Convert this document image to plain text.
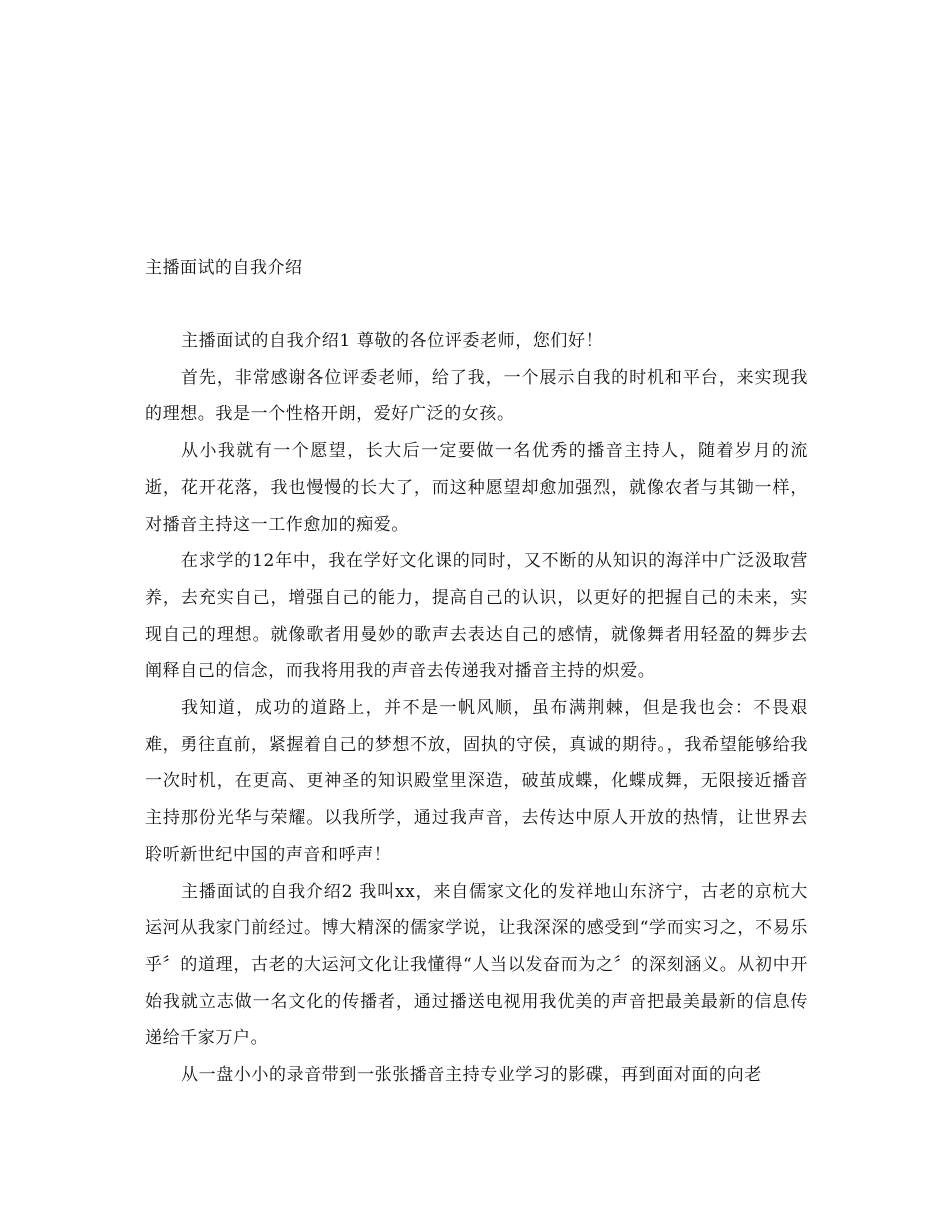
主播面试的自我介绍

主播面试的自我介绍1 尊敬的各位评委老师，您们好！

首先，非常感谢各位评委老师，给了我，一个展示自我的时机和平台，来实现我的理想。我是一个性格开朗，爱好广泛的女孩。

从小我就有一个愿望，长大后一定要做一名优秀的播音主持人，随着岁月的流逝，花开花落，我也慢慢的长大了，而这种愿望却愈加强烈，就像农者与其锄一样，对播音主持这一工作愈加的痴爱。

在求学的12年中，我在学好文化课的同时，又不断的从知识的海洋中广泛汲取营养，去充实自己，增强自己的能力，提高自己的认识，以更好的把握自己的未来，实现自己的理想。就像歌者用曼妙的歌声去表达自己的感情，就像舞者用轻盈的舞步去阐释自己的信念，而我将用我的声音去传递我对播音主持的炽爱。

我知道，成功的道路上，并不是一帆风顺，虽布满荆棘，但是我也会：不畏艰难，勇往直前，紧握着自己的梦想不放，固执的守侯，真诚的期待。，我希望能够给我一次时机，在更高、更神圣的知识殿堂里深造，破茧成蝶，化蝶成舞，无限接近播音主持那份光华与荣耀。以我所学，通过我声音，去传达中原人开放的热情，让世界去聆听新世纪中国的声音和呼声！

主播面试的自我介绍2 我叫xx，来自儒家文化的发祥地山东济宁，古老的京杭大运河从我家门前经过。博大精深的儒家学说，让我深深的感受到“学而实习之，不易乐乎〞的道理，古老的大运河文化让我懂得“人当以发奋而为之〞的深刻涵义。从初中开始我就立志做一名文化的传播者，通过播送电视用我优美的声音把最美最新的信息传递给千家万户。

从一盘小小的录音带到一张张播音主持专业学习的影碟，再到面对面的向老
